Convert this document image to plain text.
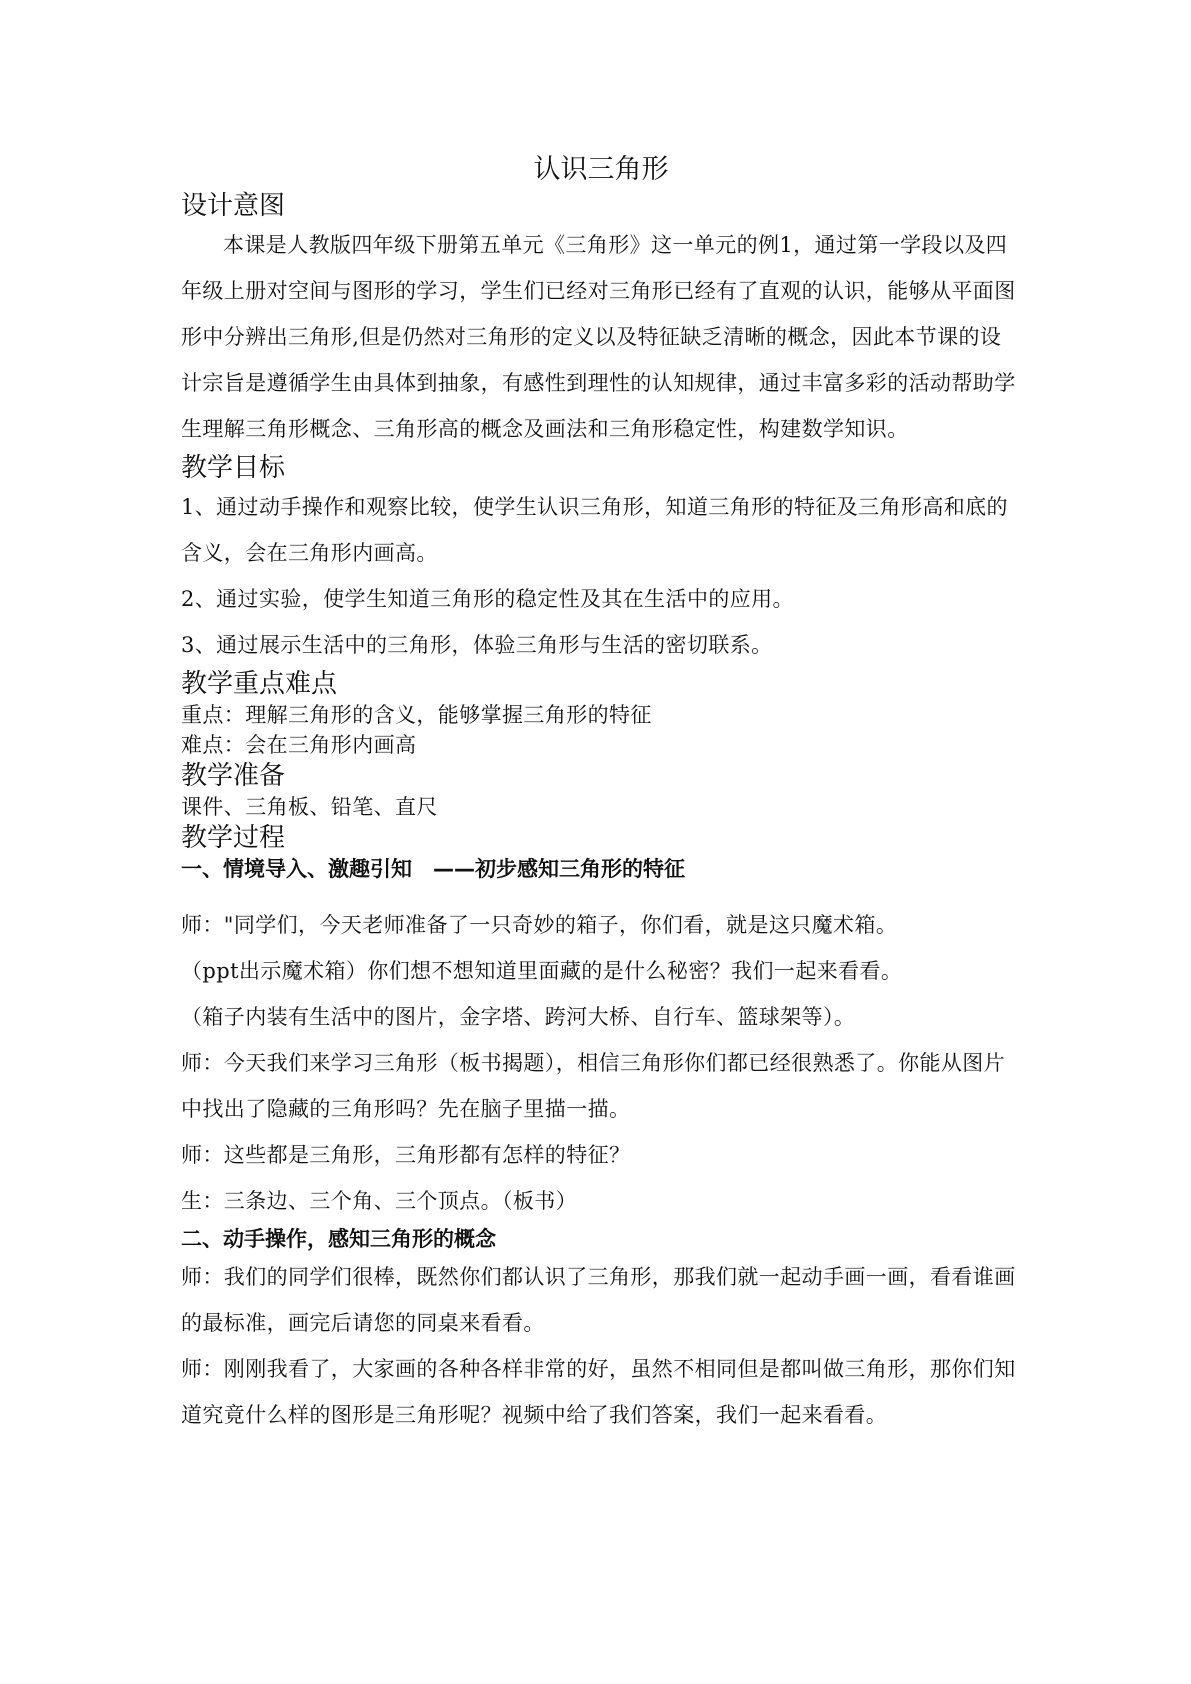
认识三角形
设计意图

本课是人教版四年级下册第五单元《三角形》这一单元的例1，通过第一学段以及四年级上册对空间与图形的学习，学生们已经对三角形已经有了直观的认识，能够从平面图形中分辨出三角形,但是仍然对三角形的定义以及特征缺乏清晰的概念，因此本节课的设计宗旨是遵循学生由具体到抽象，有感性到理性的认知规律，通过丰富多彩的活动帮助学生理解三角形概念、三角形高的概念及画法和三角形稳定性，构建数学知识。

教学目标

1、通过动手操作和观察比较，使学生认识三角形，知道三角形的特征及三角形高和底的含义，会在三角形内画高。

2、通过实验，使学生知道三角形的稳定性及其在生活中的应用。

3、通过展示生活中的三角形，体验三角形与生活的密切联系。

教学重点难点

重点：理解三角形的含义，能够掌握三角形的特征

难点：会在三角形内画高

教学准备

课件、三角板、铅笔、直尺

教学过程

一、情境导入、激趣引知　——初步感知三角形的特征

师："同学们，今天老师准备了一只奇妙的箱子，你们看，就是这只魔术箱。

（ppt出示魔术箱）你们想不想知道里面藏的是什么秘密？我们一起来看看。

（箱子内装有生活中的图片，金字塔、跨河大桥、自行车、篮球架等）。

师：今天我们来学习三角形（板书揭题），相信三角形你们都已经很熟悉了。你能从图片中找出了隐藏的三角形吗？先在脑子里描一描。

师：这些都是三角形，三角形都有怎样的特征？

生：三条边、三个角、三个顶点。（板书）

二、动手操作，感知三角形的概念

师：我们的同学们很棒，既然你们都认识了三角形，那我们就一起动手画一画，看看谁画的最标准，画完后请您的同桌来看看。

师：刚刚我看了，大家画的各种各样非常的好，虽然不相同但是都叫做三角形，那你们知道究竟什么样的图形是三角形呢？视频中给了我们答案，我们一起来看看。
